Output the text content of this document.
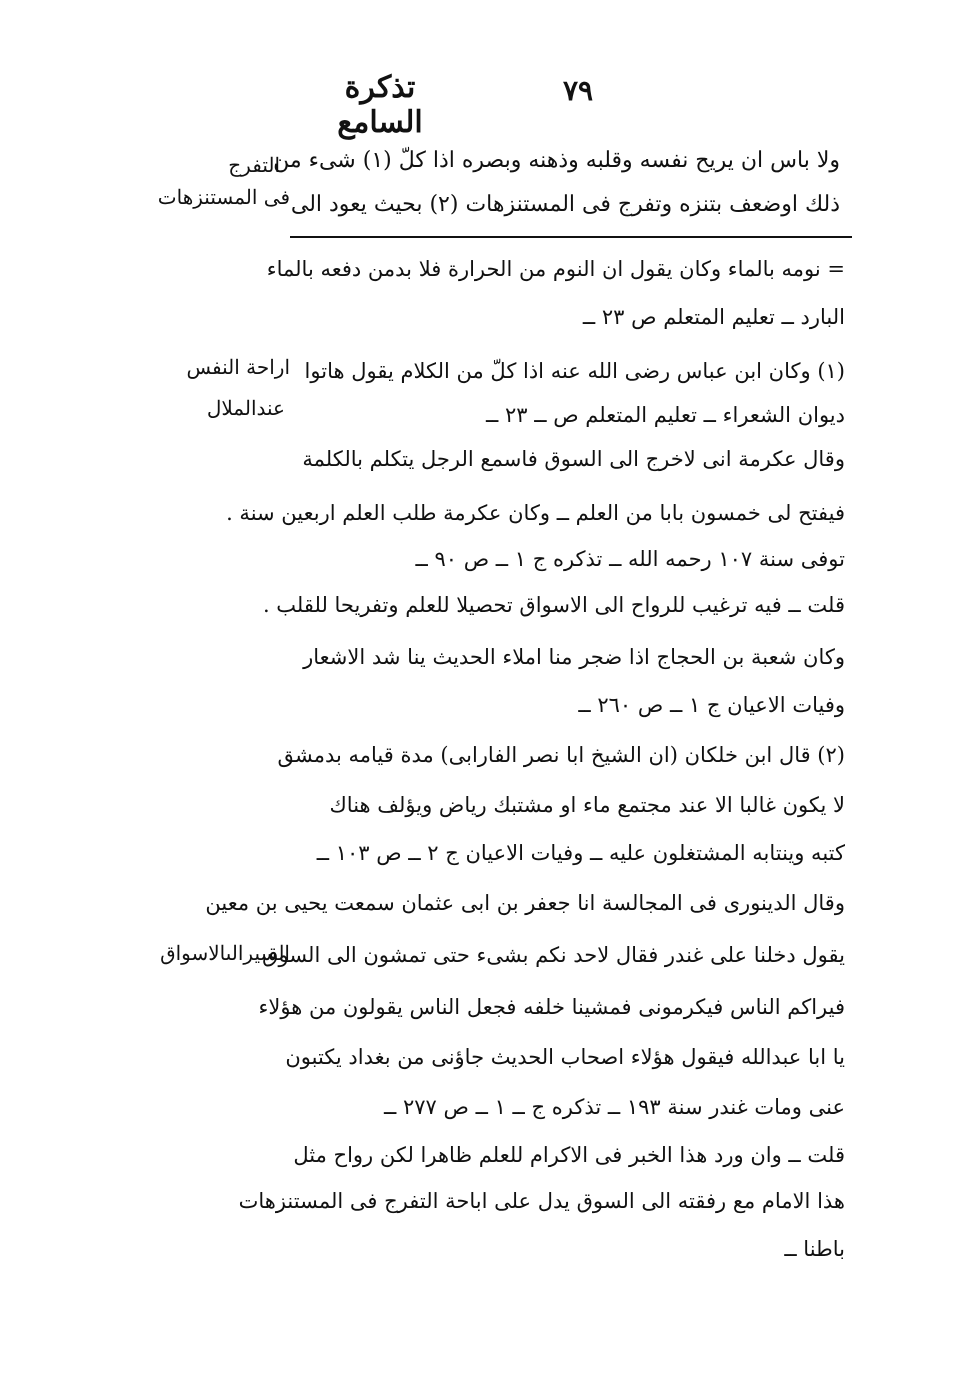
تذكرة السامع
٧٩
التفرج
فى المستنزهات
اراحة النفس
عندالملال
السيرالىالاسواق
ولا باس ان يريح نفسه وقلبه وذهنه وبصره اذا كلّ (١) شىء من
ذلك اوضعف بتنزه وتفرج فى المستنزهات (٢) بحيث يعود الى
= نومه بالماء وكان يقول ان النوم من الحرارة فلا بدمن دفعه بالماء
البارد ــ تعليم المتعلم ص ٢٣ ــ
(١) وكان ابن عباس رضى الله عنه اذا كلّ من الكلام يقول هاتوا
ديوان الشعراء ــ تعليم المتعلم ص ــ ٢٣ ــ
وقال عكرمة انى لاخرج الى السوق فاسمع الرجل يتكلم بالكلمة
فيفتح لى خمسون بابا من العلم ــ وكان عكرمة طلب العلم اربعين سنة .
توفى سنة ١٠٧ رحمه الله ــ تذكره ج ١ ــ ص ٩٠ ــ
قلت ــ فيه ترغيب للرواح الى الاسواق تحصيلا للعلم وتفريحا للقلب .
وكان شعبة بن الحجاج اذا ضجر منا املاء الحديث ينا شد الاشعار
وفيات الاعيان ج ١ ــ ص ٢٦٠ ــ
(٢) قال ابن خلكان (ان الشيخ ابا نصر الفارابى) مدة قيامه بدمشق
لا يكون غالبا الا عند مجتمع ماء او مشتبك رياض ويؤلف هناك
كتبه وينتابه المشتغلون عليه ــ وفيات الاعيان ج ٢ ــ ص ١٠٣ ــ
وقال الدينورى فى المجالسة انا جعفر بن ابى عثمان سمعت يحيى بن معين
يقول دخلنا على غندر فقال لاحد نكم بشىء حتى تمشون الى السوق
فيراكم الناس فيكرمونى فمشينا خلفه فجعل الناس يقولون من هؤلاء
يا ابا عبدالله فيقول هؤلاء اصحاب الحديث جاؤنى من بغداد يكتبون
عنى ومات غندر سنة ١٩٣ ــ تذكره ج ــ ١ ــ ص ٢٧٧ ــ
قلت ــ وان ورد هذا الخبر فى الاكرام للعلم ظاهرا لكن رواح مثل
هذا الامام مع رفقته الى السوق يدل على اباحة التفرج فى المستنزهات
باطنا ــ
